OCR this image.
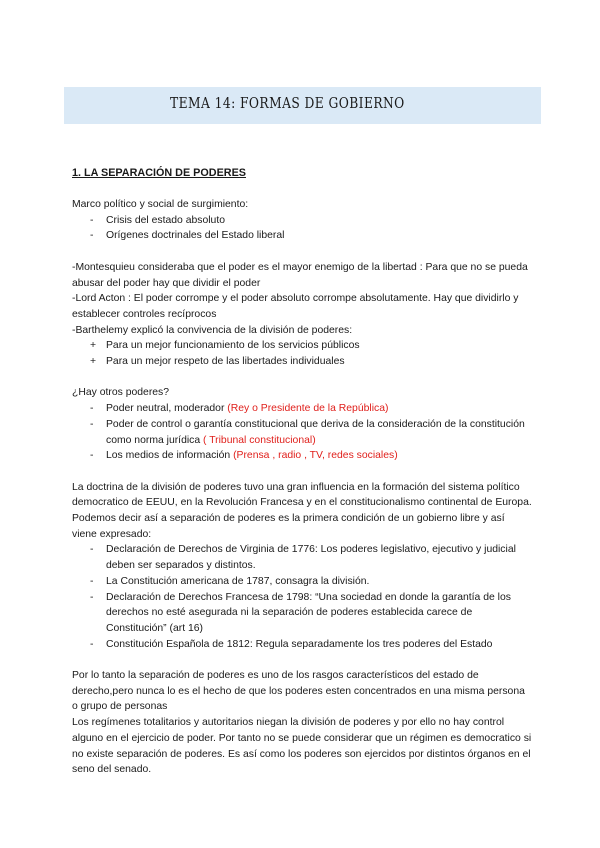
TEMA 14: FORMAS DE GOBIERNO
1. LA SEPARACIÓN DE PODERES

Marco político y social de surgimiento:

- Crisis del estado absoluto
- Orígenes doctrinales del Estado liberal

-Montesquieu consideraba que el poder es el mayor enemigo de la libertad : Para que no se pueda abusar del poder hay que dividir el poder

-Lord Acton : El poder corrompe y el poder absoluto corrompe absolutamente. Hay que dividirlo y establecer controles recíprocos

-Barthelemy explicó la convivencia de la división de poderes:

+ Para un mejor funcionamiento de los servicios públicos
+ Para un mejor respeto de las libertades individuales

¿Hay otros poderes?

- Poder neutral, moderador (Rey o Presidente de la República)
- Poder de control o garantía constitucional que deriva de la consideración de la constitución como norma jurídica ( Tribunal constitucional)
- Los medios de información (Prensa , radio , TV, redes sociales)

La doctrina de la división de poderes tuvo una gran influencia en la formación del sistema político democratico de EEUU, en la Revolución Francesa y en el constitucionalismo continental de Europa. Podemos decir así a separación de poderes es la primera condición de un gobierno libre y así viene expresado:

- Declaración de Derechos de Virginia de 1776: Los poderes legislativo, ejecutivo y judicial deben ser separados y distintos.
- La Constitución americana de 1787, consagra la división.
- Declaración de Derechos Francesa de 1798: “Una sociedad en donde la garantía de los derechos no esté asegurada ni la separación de poderes establecida carece de Constitución” (art 16)
- Constitución Española de 1812: Regula separadamente los tres poderes del Estado

Por lo tanto la separación de poderes es uno de los rasgos característicos del estado de derecho,pero nunca lo es el hecho de que los poderes esten concentrados en una misma persona o grupo de personas

Los regímenes totalitarios y autoritarios niegan la división de poderes y por ello no hay control alguno en el ejercicio de poder. Por tanto no se puede considerar que un régimen es democratico si no existe separación de poderes. Es así como los poderes son ejercidos por distintos órganos en el seno del senado.
